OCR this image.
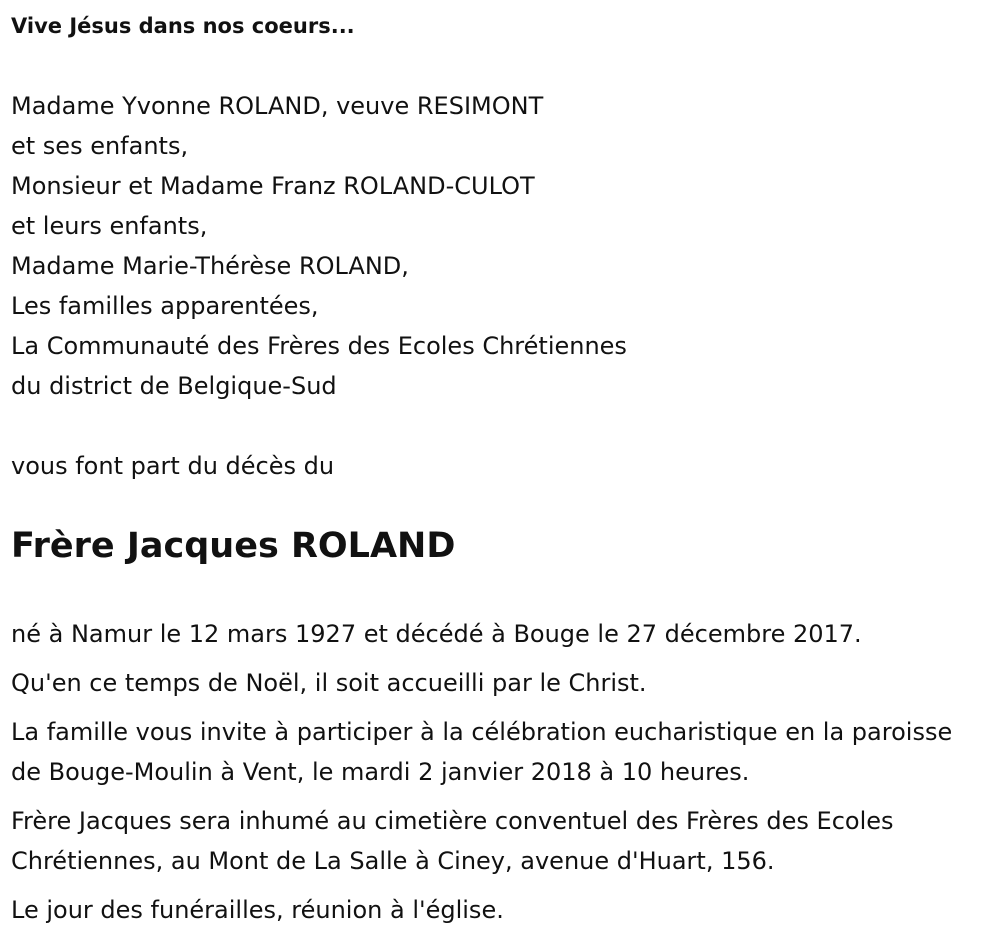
Vive Jésus dans nos coeurs...
Madame Yvonne ROLAND, veuve RESIMONT
et ses enfants,
Monsieur et Madame Franz ROLAND-CULOT
et leurs enfants,
Madame Marie-Thérèse ROLAND,
Les familles apparentées,
La Communauté des Frères des Ecoles Chrétiennes
du district de Belgique-Sud
vous font part du décès du
Frère Jacques ROLAND

né à Namur le 12 mars 1927 et décédé à Bouge le 27 décembre 2017.

Qu'en ce temps de Noël, il soit accueilli par le Christ.

La famille vous invite à participer à la célébration eucharistique en la paroisse de Bouge-Moulin à Vent, le mardi 2 janvier 2018 à 10 heures.

Frère Jacques sera inhumé au cimetière conventuel des Frères des Ecoles Chrétiennes, au Mont de La Salle à Ciney, avenue d'Huart, 156.

Le jour des funérailles, réunion à l'église.
